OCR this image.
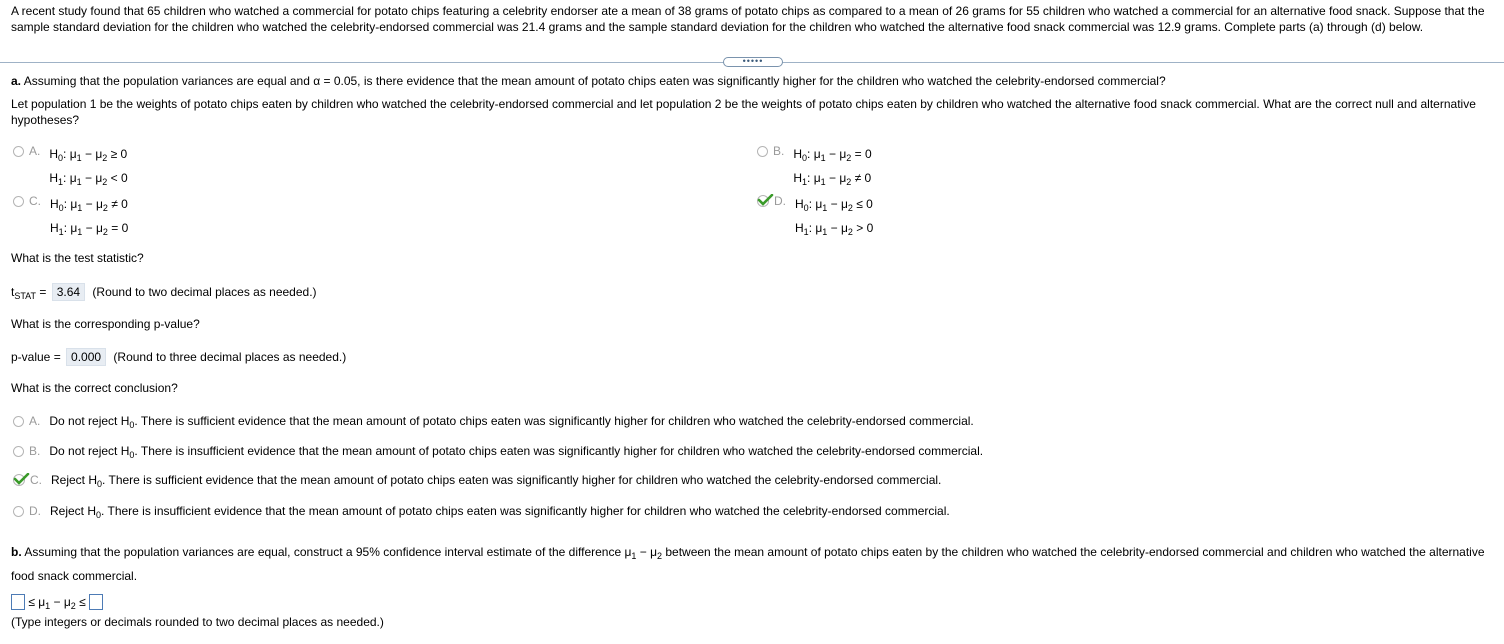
A recent study found that 65 children who watched a commercial for potato chips featuring a celebrity endorser ate a mean of 38 grams of potato chips as compared to a mean of 26 grams for 55 children who watched a commercial for an alternative food snack. Suppose that the sample standard deviation for the children who watched the celebrity-endorsed commercial was 21.4 grams and the sample standard deviation for the children who watched the alternative food snack commercial was 12.9 grams. Complete parts (a) through (d) below.
•••••
a. Assuming that the population variances are equal and α = 0.05, is there evidence that the mean amount of potato chips eaten was significantly higher for the children who watched the celebrity-endorsed commercial?
Let population 1 be the weights of potato chips eaten by children who watched the celebrity-endorsed commercial and let population 2 be the weights of potato chips eaten by children who watched the alternative food snack commercial. What are the correct null and alternative hypotheses?
A. $H_0$: $\mu_1 - \mu_2 \ge 0$
$H_1$: $\mu_1 - \mu_2 < 0$
B. $H_0$: $\mu_1 - \mu_2 = 0$
$H_1$: $\mu_1 - \mu_2 \ne 0$
C. $H_0$: $\mu_1 - \mu_2 \ne 0$
$H_1$: $\mu_1 - \mu_2 = 0$
D. $H_0$: $\mu_1 - \mu_2 \le 0$
$H_1$: $\mu_1 - \mu_2 > 0$
What is the test statistic?
$t_{STAT} = 3.64$ (Round to two decimal places as needed.)
What is the corresponding p-value?
p-value = 0.000 (Round to three decimal places as needed.)
What is the correct conclusion?
A. Do not reject $H_0$. There is sufficient evidence that the mean amount of potato chips eaten was significantly higher for children who watched the celebrity-endorsed commercial.
B. Do not reject $H_0$. There is insufficient evidence that the mean amount of potato chips eaten was significantly higher for children who watched the celebrity-endorsed commercial.
C. Reject $H_0$. There is sufficient evidence that the mean amount of potato chips eaten was significantly higher for children who watched the celebrity-endorsed commercial.
D. Reject $H_0$. There is insufficient evidence that the mean amount of potato chips eaten was significantly higher for children who watched the celebrity-endorsed commercial.
b. Assuming that the population variances are equal, construct a 95% confidence interval estimate of the difference $\mu_1 - \mu_2$ between the mean amount of potato chips eaten by the children who watched the celebrity-endorsed commercial and children who watched the alternative food snack commercial.
≤ $\mu_1 - \mu_2$ ≤
(Type integers or decimals rounded to two decimal places as needed.)
